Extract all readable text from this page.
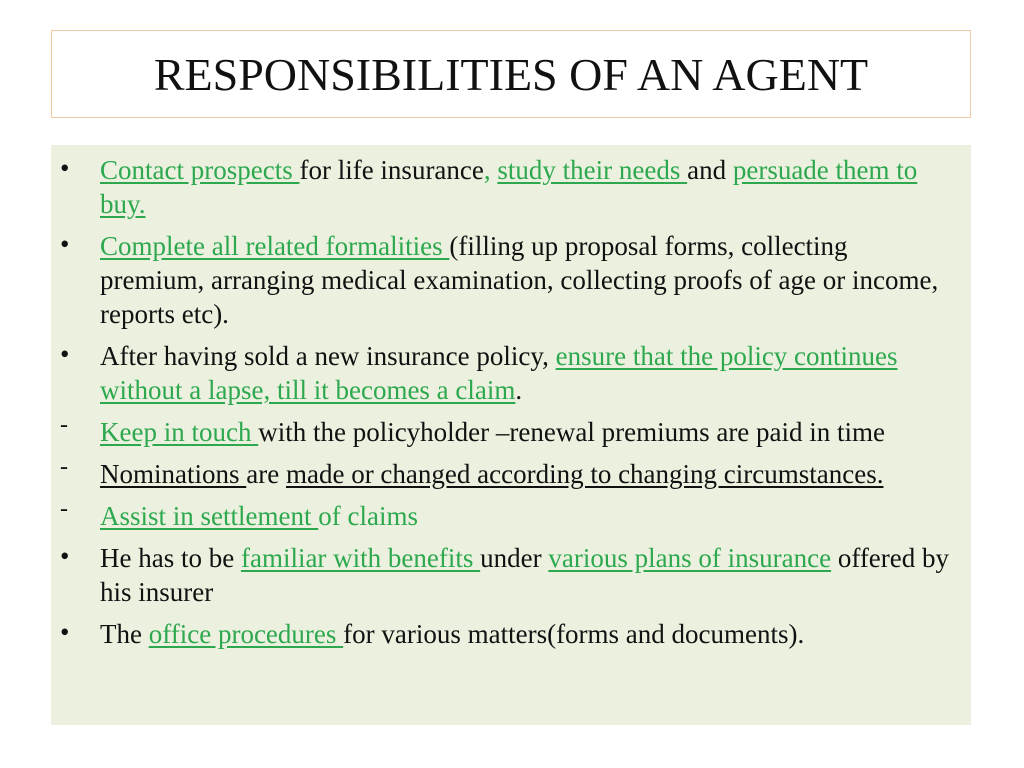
RESPONSIBILITIES OF AN AGENT
•	Contact prospects for life insurance, study their needs and persuade them to buy.
•	Complete all related formalities (filling up proposal forms, collecting premium, arranging medical examination, collecting proofs of age or income, reports etc).
•	After having sold a new insurance policy, ensure that the policy continues without a lapse, till it becomes a claim.
-	Keep in touch with the policyholder –renewal premiums are paid in time
-	Nominations are made or changed according to changing circumstances.
-	Assist in settlement of claims
•	He has to be familiar with benefits under various plans of insurance offered by his insurer
•	The office procedures for various matters(forms and documents).
